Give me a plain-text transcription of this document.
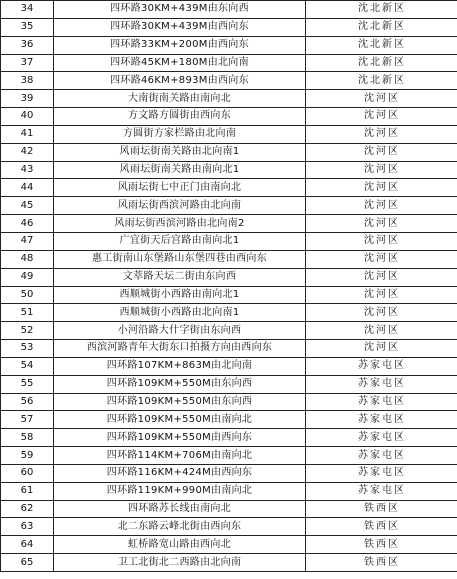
34	四环路30KM+439M由东向西	沈北新区
35	四环路30KM+439M由西向东	沈北新区
36	四环路33KM+200M由西向东	沈北新区
37	四环路45KM+180M由北向南	沈北新区
38	四环路46KM+893M由西向东	沈北新区
39	大南街南关路由南向北	沈河区
40	方文路方圆街由西向东	沈河区
41	方圆街方家栏路由北向南	沈河区
42	风雨坛街南关路由北向南1	沈河区
43	风雨坛街南关路由南向北1	沈河区
44	风雨坛街七中正门由南向北	沈河区
45	风雨坛街西滨河路由北向南	沈河区
46	风雨坛街西滨河路由北向南2	沈河区
47	广宜街天后宫路由南向北1	沈河区
48	惠工街南山东堡路山东堡四巷由西向东	沈河区
49	文萃路天坛二街由东向西	沈河区
50	西顺城街小西路由南向北1	沈河区
51	西顺城街小西路由北向南1	沈河区
52	小河沿路大什字街由东向西	沈河区
53	西滨河路青年大街东口拍摄方向由西向东	沈河区
54	四环路107KM+863M由北向南	苏家屯区
55	四环路109KM+550M由东向西	苏家屯区
56	四环路109KM+550M由东向西	苏家屯区
57	四环路109KM+550M由南向北	苏家屯区
58	四环路109KM+550M由西向东	苏家屯区
59	四环路114KM+706M由南向北	苏家屯区
60	四环路116KM+424M由西向东	苏家屯区
61	四环路119KM+990M由南向北	苏家屯区
62	四环路苏长线由南向北	铁西区
63	北二东路云峰北街由西向东	铁西区
64	虹桥路宽山路由西向北	铁西区
65	卫工北街北二西路由北向南	铁西区
